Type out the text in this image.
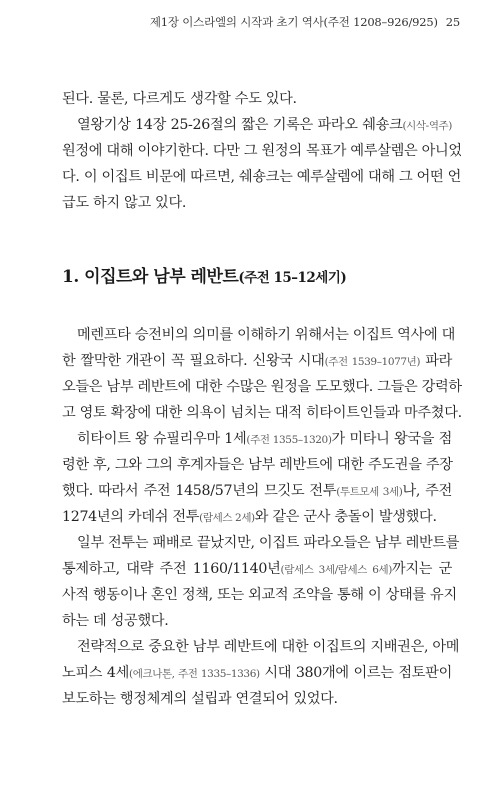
제1장 이스라엘의 시작과 초기 역사(주전 1208–926/925) 25
된다. 물론, 다르게도 생각할 수도 있다.
열왕기상 14장 25-26절의 짧은 기록은 파라오 쉐숑크(시삭-역주)
원정에 대해 이야기한다. 다만 그 원정의 목표가 예루살렘은 아니었
다. 이 이집트 비문에 따르면, 쉐숑크는 예루살렘에 대해 그 어떤 언
급도 하지 않고 있다.
1. 이집트와 남부 레반트(주전 15–12세기)
메렌프타 승전비의 의미를 이해하기 위해서는 이집트 역사에 대
한 짤막한 개관이 꼭 필요하다. 신왕국 시대(주전 1539–1077년) 파라
오들은 남부 레반트에 대한 수많은 원정을 도모했다. 그들은 강력하
고 영토 확장에 대한 의욕이 넘치는 대적 히타이트인들과 마주쳤다.
히타이트 왕 슈필리우마 1세(주전 1355–1320)가 미타니 왕국을 점
령한 후, 그와 그의 후계자들은 남부 레반트에 대한 주도권을 주장
했다. 따라서 주전 1458/57년의 므깃도 전투(투트모세 3세)나, 주전
1274년의 카데쉬 전투(람세스 2세)와 같은 군사 충돌이 발생했다.
일부 전투는 패배로 끝났지만, 이집트 파라오들은 남부 레반트를
통제하고, 대략 주전 1160/1140년(람세스 3세/람세스 6세)까지는 군
사적 행동이나 혼인 정책, 또는 외교적 조약을 통해 이 상태를 유지
하는 데 성공했다.
전략적으로 중요한 남부 레반트에 대한 이집트의 지배권은, 아메
노피스 4세(에크나톤, 주전 1335–1336) 시대 380개에 이르는 점토판이
보도하는 행정체계의 설립과 연결되어 있었다.
